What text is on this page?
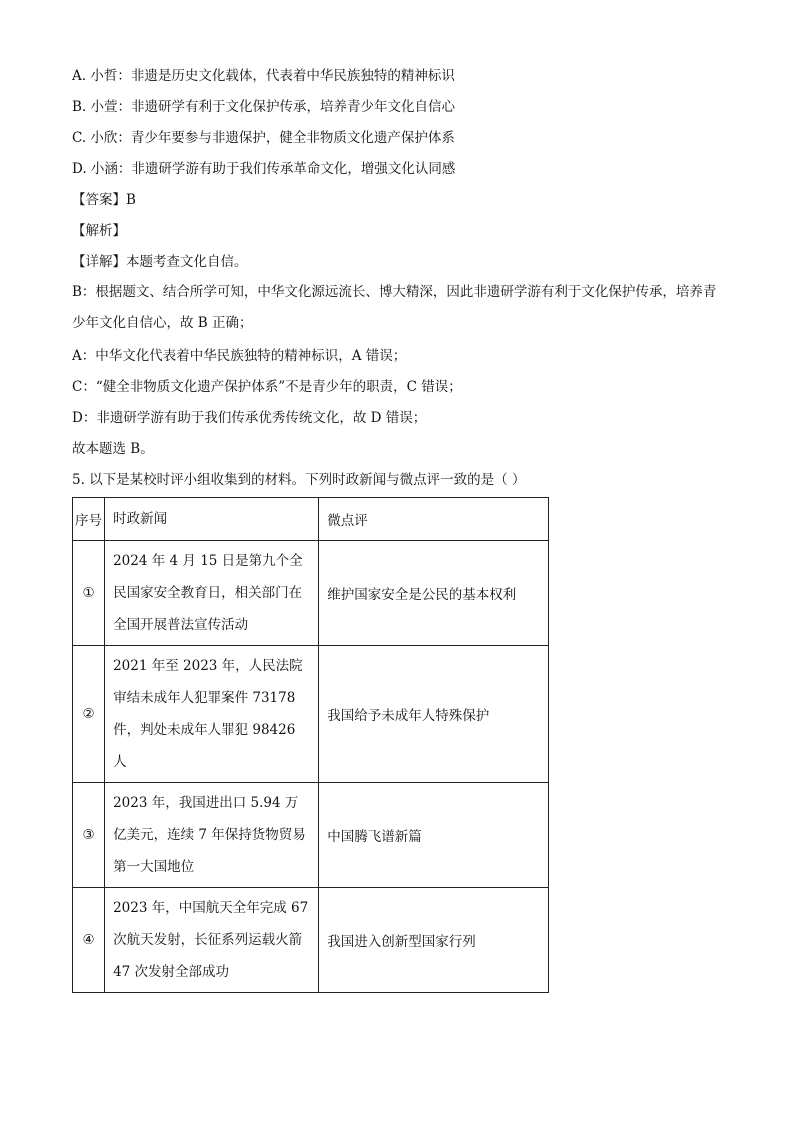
A. 小哲：非遗是历史文化载体，代表着中华民族独特的精神标识
B. 小萱：非遗研学有利于文化保护传承，培养青少年文化自信心
C. 小欣：青少年要参与非遗保护，健全非物质文化遗产保护体系
D. 小涵：非遗研学游有助于我们传承革命文化，增强文化认同感
【答案】B
【解析】
【详解】本题考查文化自信。
B：根据题文、结合所学可知，中华文化源远流长、博大精深，因此非遗研学游有利于文化保护传承，培养青少年文化自信心，故 B 正确；
A：中华文化代表着中华民族独特的精神标识，A 错误；
C：“健全非物质文化遗产保护体系”不是青少年的职责，C 错误；
D：非遗研学游有助于我们传承优秀传统文化，故 D 错误；
故本题选 B。
5. 以下是某校时评小组收集到的材料。下列时政新闻与微点评一致的是（ ）
序号	时政新闻	微点评
①	2024 年 4 月 15 日是第九个全民国家安全教育日，相关部门在全国开展普法宣传活动	维护国家安全是公民的基本权利
②	2021 年至 2023 年，人民法院审结未成年人犯罪案件 73178 件，判处未成年人罪犯 98426 人	我国给予未成年人特殊保护
③	2023 年，我国进出口 5.94 万亿美元，连续 7 年保持货物贸易第一大国地位	中国腾飞谱新篇
④	2023 年，中国航天全年完成 67 次航天发射，长征系列运载火箭 47 次发射全部成功	我国进入创新型国家行列
